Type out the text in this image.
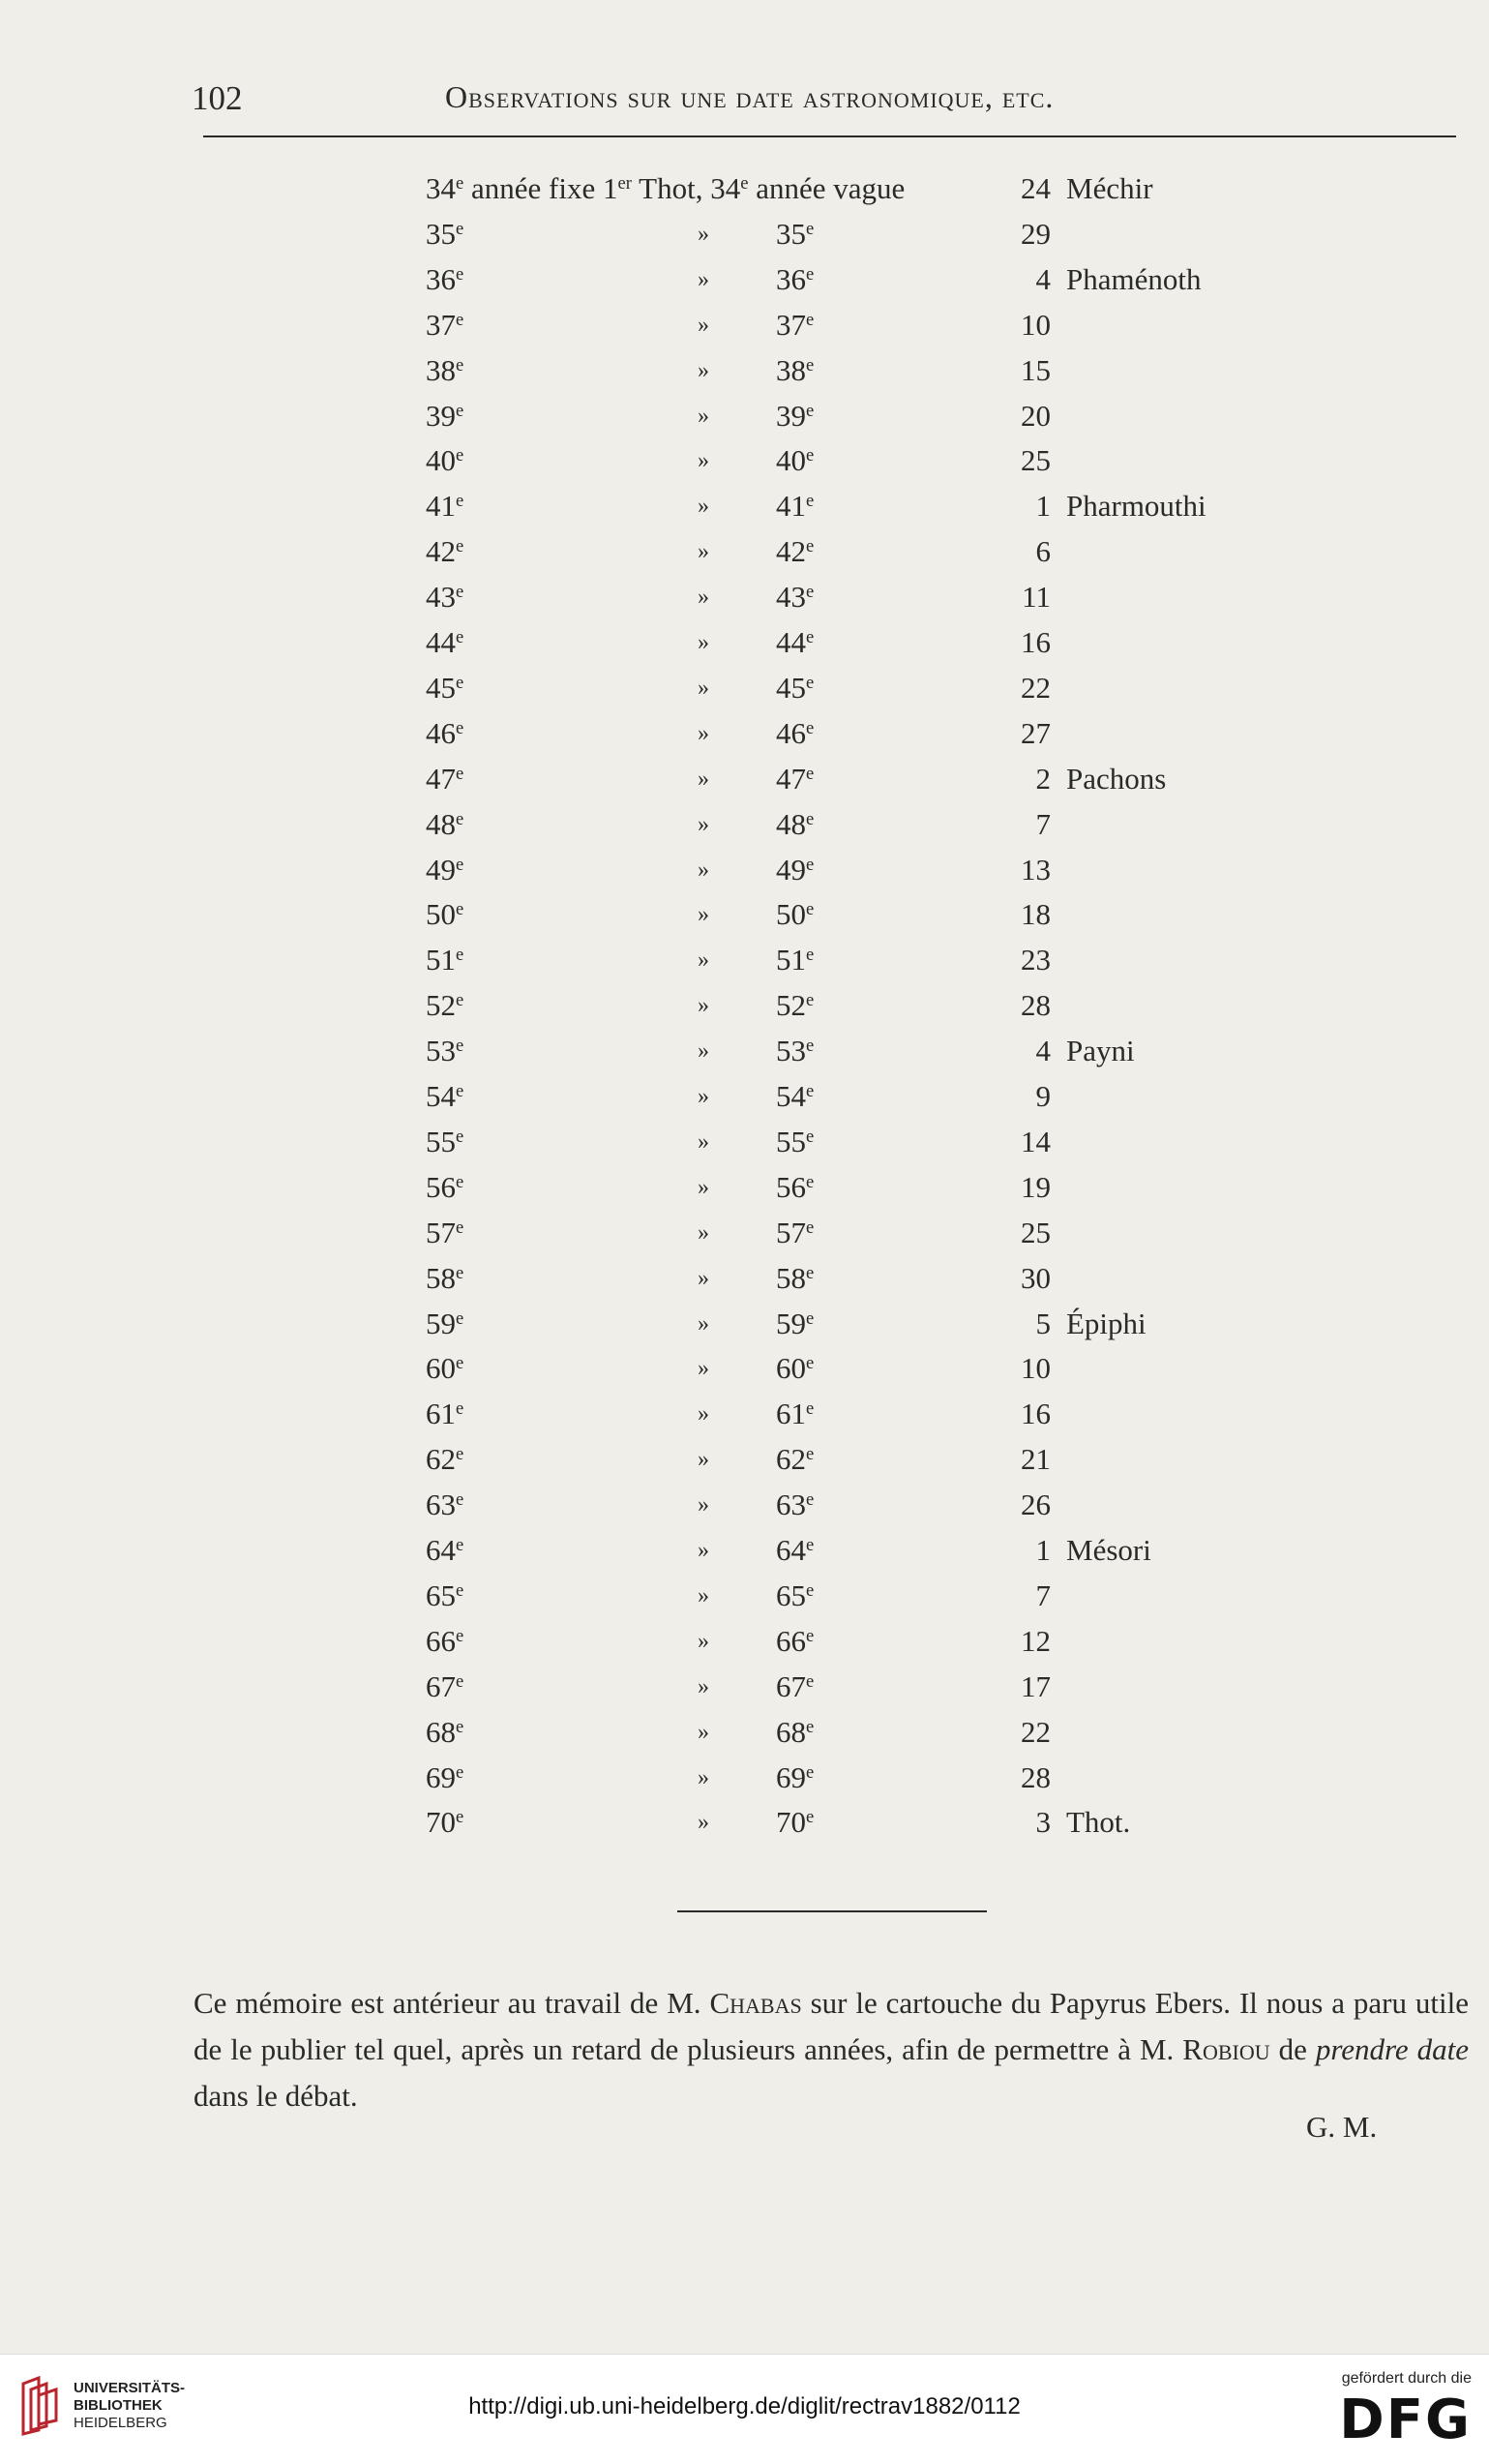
102	Observations sur une date astronomique, etc.
34e année fixe 1er Thot, 34e année vague	24 Méchir
35e	» 35e	29
36e	» 36e	4 Phaménoth
37e	» 37e	10
38e	» 38e	15
39e	» 39e	20
40e	» 40e	25
41e	» 41e	1 Pharmouthi
42e	» 42e	6
43e	» 43e	11
44e	» 44e	16
45e	» 45e	22
46e	» 46e	27
47e	» 47e	2 Pachons
48e	» 48e	7
49e	» 49e	13
50e	» 50e	18
51e	» 51e	23
52e	» 52e	28
53e	» 53e	4 Payni
54e	» 54e	9
55e	» 55e	14
56e	» 56e	19
57e	» 57e	25
58e	» 58e	30
59e	» 59e	5 Épiphi
60e	» 60e	10
61e	» 61e	16
62e	» 62e	21
63e	» 63e	26
64e	» 64e	1 Mésori
65e	» 65e	7
66e	» 66e	12
67e	» 67e	17
68e	» 68e	22
69e	» 69e	28
70e	» 70e	3 Thot.

Ce mémoire est antérieur au travail de M. Chabas sur le cartouche du Papyrus Ebers. Il nous a paru utile de le publier tel quel, après un retard de plusieurs années, afin de permettre à M. Robiou de prendre date dans le débat.

G. M.
UNIVERSITÄTS-
BIBLIOTHEK
HEIDELBERG
http://digi.ub.uni-heidelberg.de/diglit/rectrav1882/0112
gefördert durch die
DFG
